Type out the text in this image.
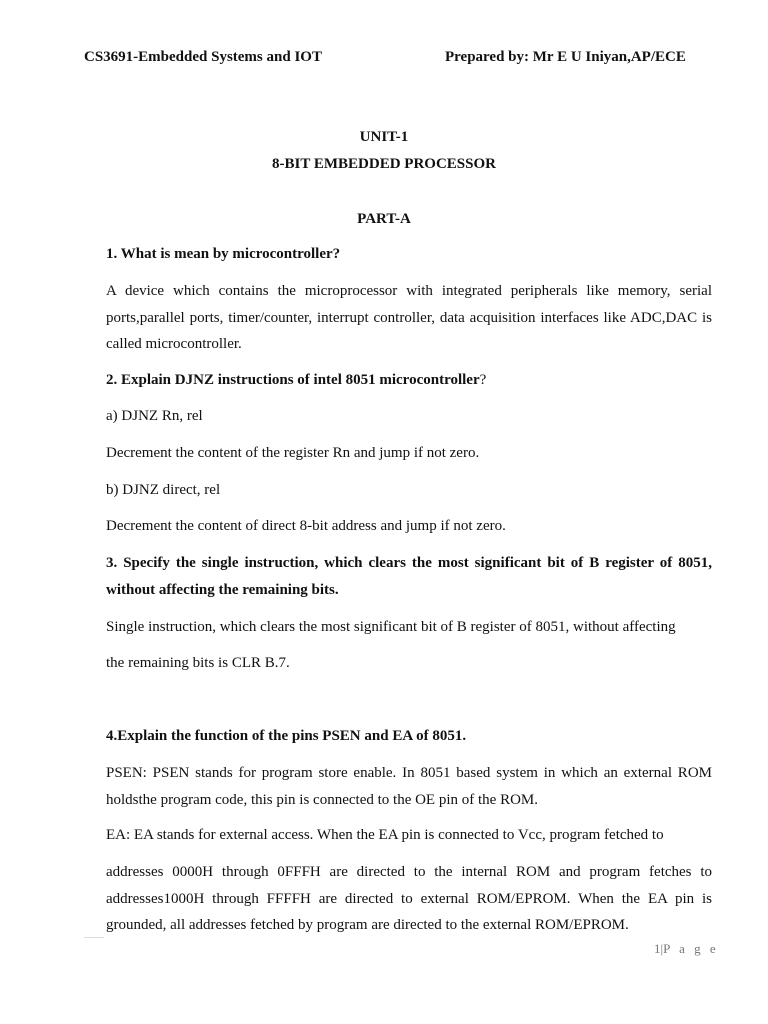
CS3691-Embedded Systems and IOT	Prepared by: Mr E U Iniyan,AP/ECE
UNIT-1
8-BIT EMBEDDED PROCESSOR
PART-A
1. What is mean by microcontroller?
A device which contains the microprocessor with integrated peripherals like memory, serial
ports,parallel ports, timer/counter, interrupt controller, data acquisition interfaces like ADC,DAC is
called microcontroller.
2. Explain DJNZ instructions of intel 8051 microcontroller?
a) DJNZ Rn, rel
Decrement the content of the register Rn and jump if not zero.
b) DJNZ direct, rel
Decrement the content of direct 8-bit address and jump if not zero.
3. Specify the single instruction, which clears the most significant bit of B register of 8051,
without affecting the remaining bits.
Single instruction, which clears the most significant bit of B register of 8051, without affecting
the remaining bits is CLR B.7.
4.Explain the function of the pins PSEN and EA of 8051.
PSEN: PSEN stands for program store enable. In 8051 based system in which an external ROM
holdsthe program code, this pin is connected to the OE pin of the ROM.
EA: EA stands for external access. When the EA pin is connected to Vcc, program fetched to
addresses 0000H through 0FFFH are directed to the internal ROM and program fetches to
addresses1000H through FFFFH are directed to external ROM/EPROM. When the EA pin is
grounded, all addresses fetched by program are directed to the external ROM/EPROM.
1|P a g e
